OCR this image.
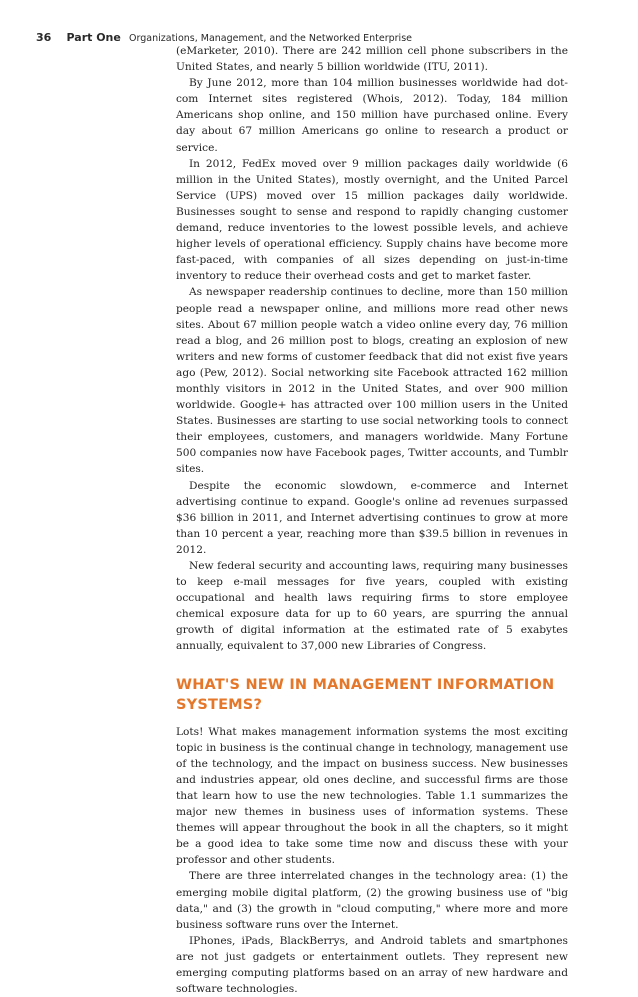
36 Part One Organizations, Management, and the Networked Enterprise

(eMarketer, 2010). There are 242 million cell phone subscribers in the United States, and nearly 5 billion worldwide (ITU, 2011).

By June 2012, more than 104 million businesses worldwide had dot-com Internet sites registered (Whois, 2012). Today, 184 million Americans shop online, and 150 million have purchased online. Every day about 67 million Americans go online to research a product or service.

In 2012, FedEx moved over 9 million packages daily worldwide (6 million in the United States), mostly overnight, and the United Parcel Service (UPS) moved over 15 million packages daily worldwide. Businesses sought to sense and respond to rapidly changing customer demand, reduce inventories to the lowest possible levels, and achieve higher levels of operational efficiency. Supply chains have become more fast-paced, with companies of all sizes depending on just-in-time inventory to reduce their overhead costs and get to market faster.

As newspaper readership continues to decline, more than 150 million people read a newspaper online, and millions more read other news sites. About 67 million people watch a video online every day, 76 million read a blog, and 26 million post to blogs, creating an explosion of new writers and new forms of customer feedback that did not exist five years ago (Pew, 2012). Social networking site Facebook attracted 162 million monthly visitors in 2012 in the United States, and over 900 million worldwide. Google+ has attracted over 100 million users in the United States. Businesses are starting to use social networking tools to connect their employees, customers, and managers worldwide. Many Fortune 500 companies now have Facebook pages, Twitter accounts, and Tumblr sites.

Despite the economic slowdown, e-commerce and Internet advertising continue to expand. Google's online ad revenues surpassed $36 billion in 2011, and Internet advertising continues to grow at more than 10 percent a year, reaching more than $39.5 billion in revenues in 2012.

New federal security and accounting laws, requiring many businesses to keep e-mail messages for five years, coupled with existing occupational and health laws requiring firms to store employee chemical exposure data for up to 60 years, are spurring the annual growth of digital information at the estimated rate of 5 exabytes annually, equivalent to 37,000 new Libraries of Congress.

WHAT'S NEW IN MANAGEMENT INFORMATION SYSTEMS?

Lots! What makes management information systems the most exciting topic in business is the continual change in technology, management use of the technology, and the impact on business success. New businesses and industries appear, old ones decline, and successful firms are those that learn how to use the new technologies. Table 1.1 summarizes the major new themes in business uses of information systems. These themes will appear throughout the book in all the chapters, so it might be a good idea to take some time now and discuss these with your professor and other students.

There are three interrelated changes in the technology area: (1) the emerging mobile digital platform, (2) the growing business use of "big data," and (3) the growth in "cloud computing," where more and more business software runs over the Internet.

IPhones, iPads, BlackBerrys, and Android tablets and smartphones are not just gadgets or entertainment outlets. They represent new emerging computing platforms based on an array of new hardware and software technologies.
